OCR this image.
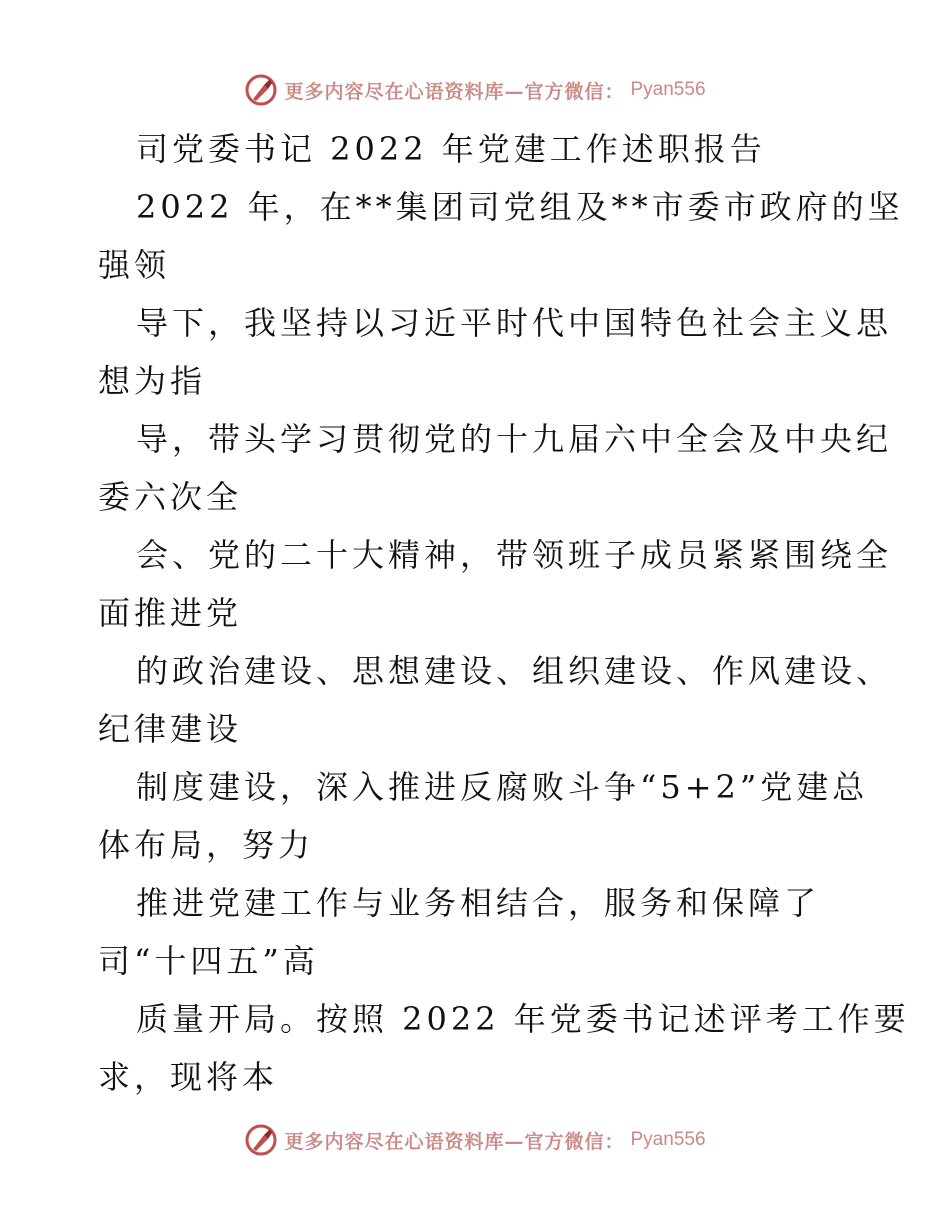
更多内容尽在心语资料库—官方微信： Pyan556
司党委书记 2022 年党建工作述职报告
2022 年，在**集团司党组及**市委市政府的坚
强领
导下，我坚持以习近平时代中国特色社会主义思
想为指
导，带头学习贯彻党的十九届六中全会及中央纪
委六次全
会、党的二十大精神，带领班子成员紧紧围绕全
面推进党
的政治建设、思想建设、组织建设、作风建设、
纪律建设
制度建设，深入推进反腐败斗争“5+2”党建总
体布局，努力
推进党建工作与业务相结合，服务和保障了
司“十四五”高
质量开局。按照 2022 年党委书记述评考工作要
求，现将本
更多内容尽在心语资料库—官方微信： Pyan556
